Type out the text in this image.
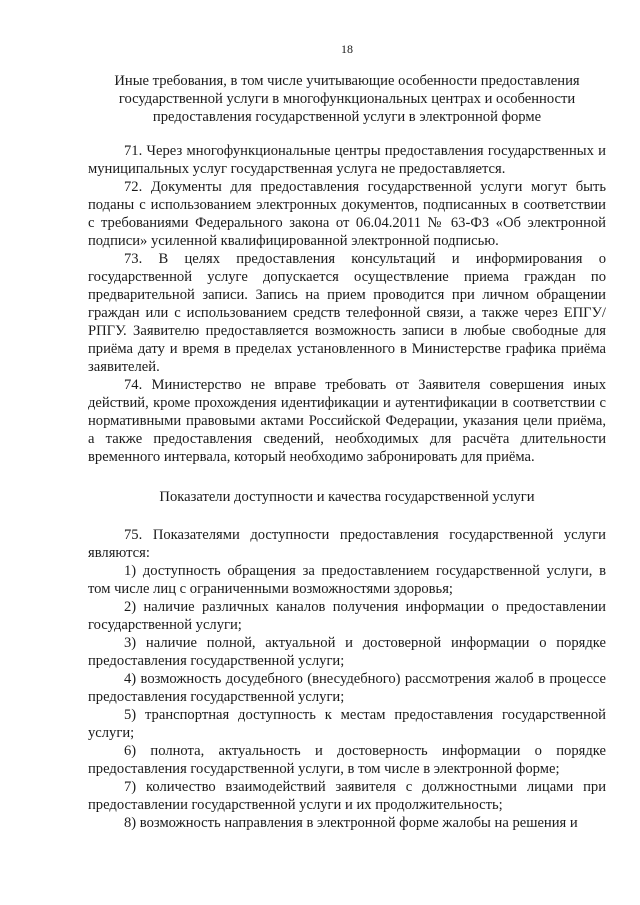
18
Иные требования, в том числе учитывающие особенности предоставления
государственной услуги в многофункциональных центрах и особенности
предоставления государственной услуги в электронной форме

71. Через многофункциональные центры предоставления государственных и муниципальных услуг государственная услуга не предоставляется.

72. Документы для предоставления государственной услуги могут быть поданы с использованием электронных документов, подписанных в соответствии с требованиями Федерального закона от 06.04.2011 № 63-ФЗ «Об электронной подписи» усиленной квалифицированной электронной подписью.

73. В целях предоставления консультаций и информирования о государственной услуге допускается осуществление приема граждан по предварительной записи. Запись на прием проводится при личном обращении граждан или с использованием средств телефонной связи, а также через ЕПГУ/РПГУ. Заявителю предоставляется возможность записи в любые свободные для приёма дату и время в пределах установленного в Министерстве графика приёма заявителей.

74. Министерство не вправе требовать от Заявителя совершения иных действий, кроме прохождения идентификации и аутентификации в соответствии с нормативными правовыми актами Российской Федерации, указания цели приёма, а также предоставления сведений, необходимых для расчёта длительности временного интервала, который необходимо забронировать для приёма.

Показатели доступности и качества государственной услуги

75. Показателями доступности предоставления государственной услуги являются:

1) доступность обращения за предоставлением государственной услуги, в том числе лиц с ограниченными возможностями здоровья;

2) наличие различных каналов получения информации о предоставлении государственной услуги;

3) наличие полной, актуальной и достоверной информации о порядке предоставления государственной услуги;

4) возможность досудебного (внесудебного) рассмотрения жалоб в процессе предоставления государственной услуги;

5) транспортная доступность к местам предоставления государственной услуги;

6) полнота, актуальность и достоверность информации о порядке предоставления государственной услуги, в том числе в электронной форме;

7) количество взаимодействий заявителя с должностными лицами при предоставлении государственной услуги и их продолжительность;

8) возможность направления в электронной форме жалобы на решения и
